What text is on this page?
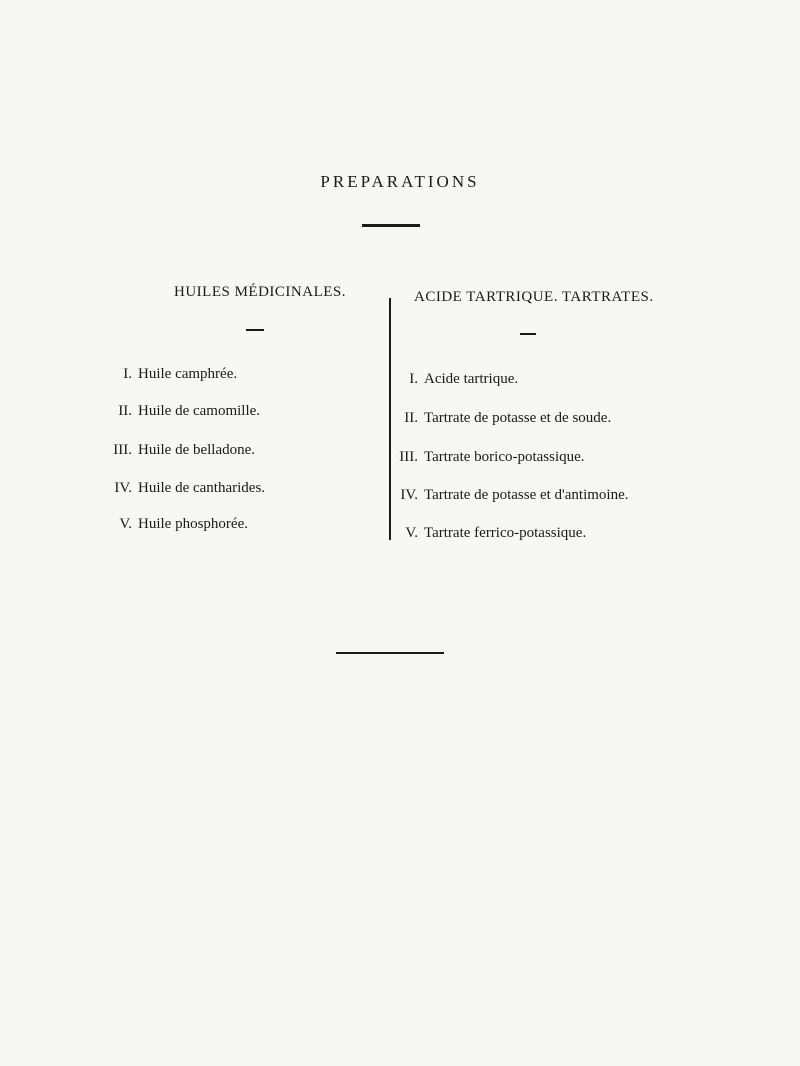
PREPARATIONS
HUILES MÉDICINALES.	ACIDE TARTRIQUE. TARTRATES.
I. Huile camphrée.
II. Huile de camomille.
III. Huile de belladone.
IV. Huile de cantharides.
V. Huile phosphorée.
I. Acide tartrique.
II. Tartrate de potasse et de soude.
III. Tartrate borico-potassique.
IV. Tartrate de potasse et d'antimoine.
V. Tartrate ferrico-potassique.
